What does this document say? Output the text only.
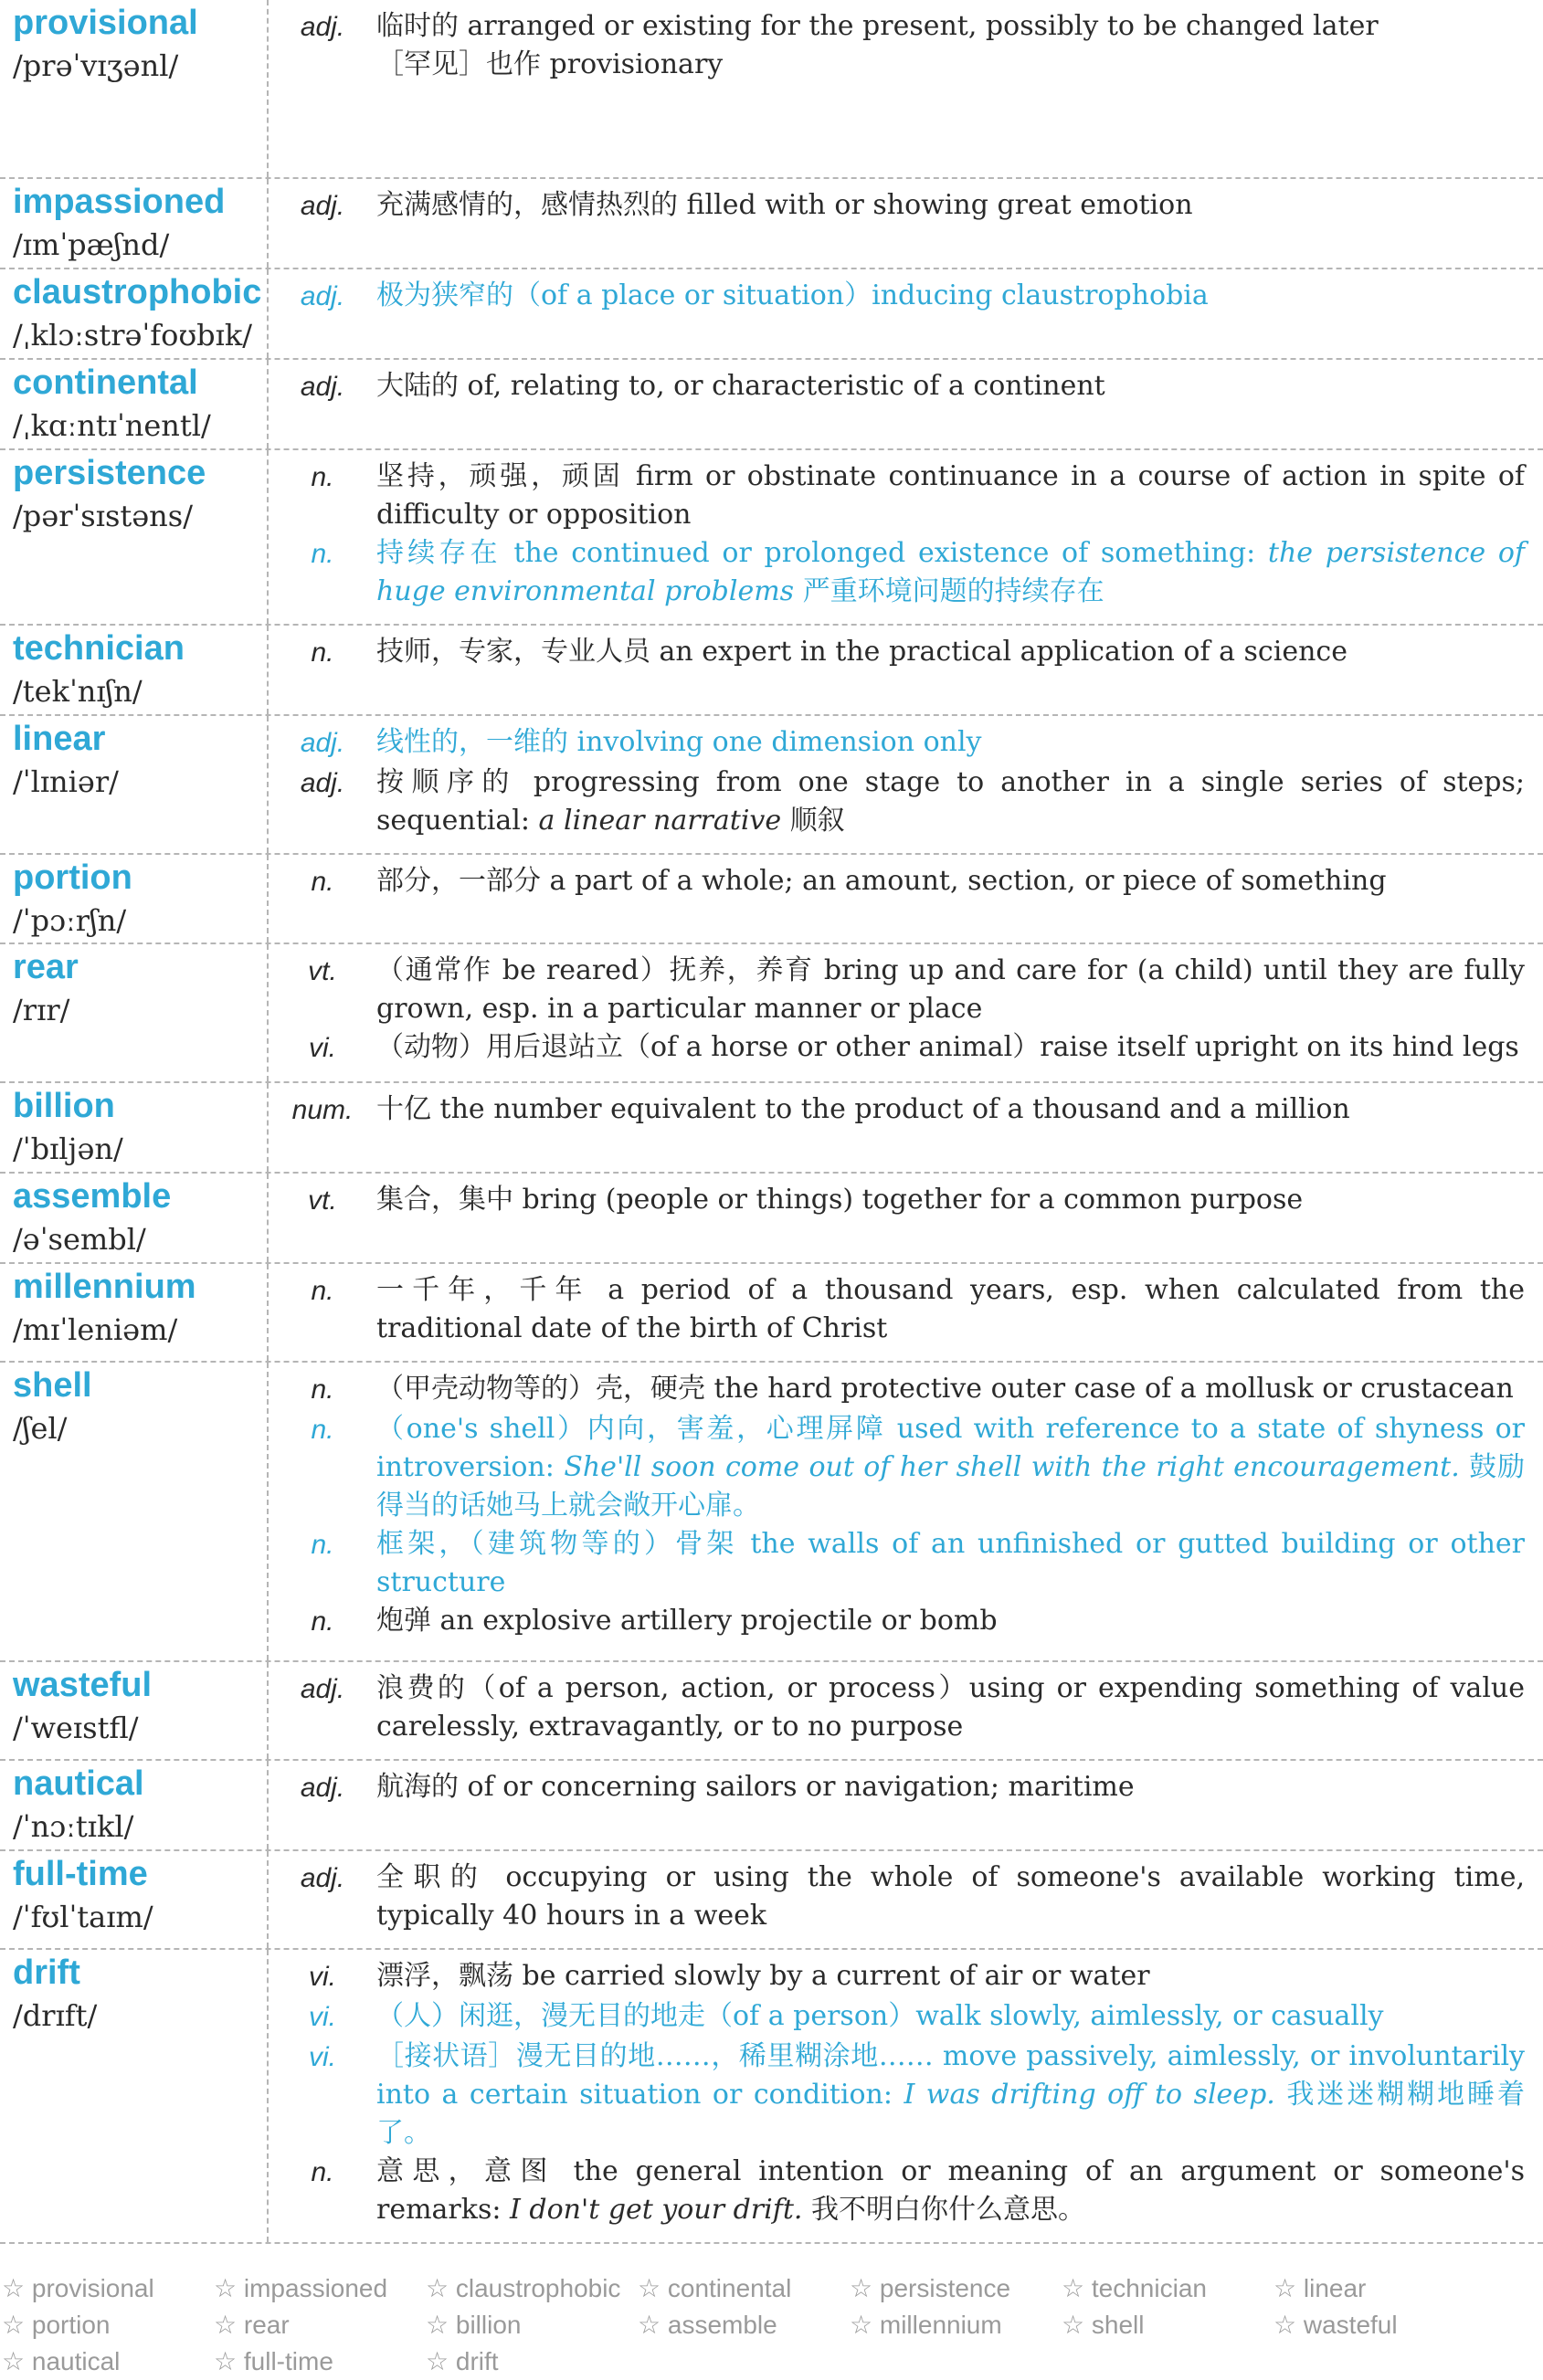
provisional
/prəˈvɪʒənl/
adj.	临时的 arranged or existing for the present, possibly to be changed later
［罕见］也作 provisionary
impassioned
/ɪmˈpæʃnd/
adj.	充满感情的，感情热烈的 filled with or showing great emotion
claustrophobic
/ˌklɔːstrəˈfoʊbɪk/
adj.	极为狭窄的（of a place or situation）inducing claustrophobia
continental
/ˌkɑːntɪˈnentl/
adj.	大陆的 of, relating to, or characteristic of a continent
persistence
/pərˈsɪstəns/
n.	坚持，顽强，顽固 firm or obstinate continuance in a course of action in spite of difficulty or opposition
n.	持续存在 the continued or prolonged existence of something: the persistence of huge environmental problems 严重环境问题的持续存在
technician
/tekˈnɪʃn/
n.	技师，专家，专业人员 an expert in the practical application of a science
linear
/ˈlɪniər/
adj.	线性的，一维的 involving one dimension only
adj.	按顺序的 progressing from one stage to another in a single series of steps; sequential: a linear narrative 顺叙
portion
/ˈpɔːrʃn/
n.	部分，一部分 a part of a whole; an amount, section, or piece of something
rear
/rɪr/
vt.	（通常作 be reared）抚养，养育 bring up and care for (a child) until they are fully grown, esp. in a particular manner or place
vi.	（动物）用后退站立（of a horse or other animal）raise itself upright on its hind legs
billion
/ˈbɪljən/
num. 十亿 the number equivalent to the product of a thousand and a million
assemble
/əˈsembl/
vt.	集合，集中 bring (people or things) together for a common purpose
millennium
/mɪˈleniəm/
n.	一千年，千年 a period of a thousand years, esp. when calculated from the traditional date of the birth of Christ
shell
/ʃel/
n.	（甲壳动物等的）壳，硬壳 the hard protective outer case of a mollusk or crustacean
n.	（one's shell）内向，害羞，心理屏障 used with reference to a state of shyness or introversion: She'll soon come out of her shell with the right encouragement. 鼓励得当的话她马上就会敞开心扉。
n.	框架，（建筑物等的）骨架 the walls of an unfinished or gutted building or other structure
n.	炮弹 an explosive artillery projectile or bomb
wasteful
/ˈweɪstfl/
adj.	浪费的（of a person, action, or process）using or expending something of value carelessly, extravagantly, or to no purpose
nautical
/ˈnɔːtɪkl/
adj.	航海的 of or concerning sailors or navigation; maritime
full-time
/ˈfʊlˈtaɪm/
adj.	全职的 occupying or using the whole of someone's available working time, typically 40 hours in a week
drift
/drɪft/
vi.	漂浮，飘荡 be carried slowly by a current of air or water
vi.	（人）闲逛，漫无目的地走（of a person）walk slowly, aimlessly, or casually
vi.	［接状语］漫无目的地……，稀里糊涂地…… move passively, aimlessly, or involuntarily into a certain situation or condition: I was drifting off to sleep. 我迷迷糊糊地睡着了。
n.	意思，意图 the general intention or meaning of an argument or someone's remarks: I don't get your drift. 我不明白你什么意思。
☆ provisional	☆ impassioned	☆ claustrophobic ☆ continental	☆ persistence	☆ technician	☆ linear
☆ portion	☆ rear	☆ billion	☆ assemble	☆ millennium	☆ shell	☆ wasteful
☆ nautical	☆ full-time	☆ drift
